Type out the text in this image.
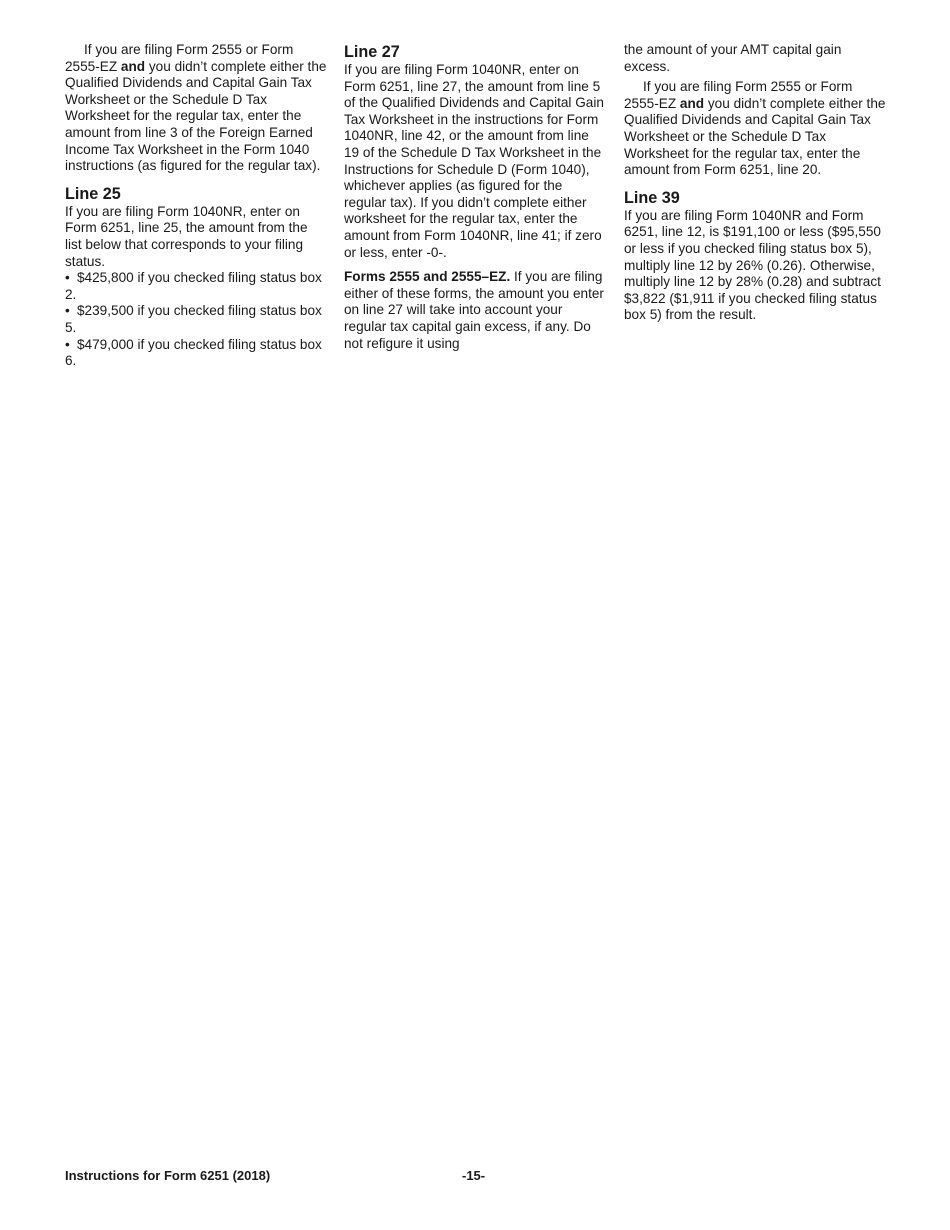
If you are filing Form 2555 or Form 2555-EZ and you didn’t complete either the Qualified Dividends and Capital Gain Tax Worksheet or the Schedule D Tax Worksheet for the regular tax, enter the amount from line 3 of the Foreign Earned Income Tax Worksheet in the Form 1040 instructions (as figured for the regular tax).

Line 25

If you are filing Form 1040NR, enter on Form 6251, line 25, the amount from the list below that corresponds to your filing status.

• $425,800 if you checked filing status box 2.

• $239,500 if you checked filing status box 5.

• $479,000 if you checked filing status box 6.

Line 27

If you are filing Form 1040NR, enter on Form 6251, line 27, the amount from line 5 of the Qualified Dividends and Capital Gain Tax Worksheet in the instructions for Form 1040NR, line 42, or the amount from line 19 of the Schedule D Tax Worksheet in the Instructions for Schedule D (Form 1040), whichever applies (as figured for the regular tax). If you didn’t complete either worksheet for the regular tax, enter the amount from Form 1040NR, line 41; if zero or less, enter -0-.

Forms 2555 and 2555–EZ. If you are filing either of these forms, the amount you enter on line 27 will take into account your regular tax capital gain excess, if any. Do not refigure it using

the amount of your AMT capital gain excess.

If you are filing Form 2555 or Form 2555-EZ and you didn’t complete either the Qualified Dividends and Capital Gain Tax Worksheet or the Schedule D Tax Worksheet for the regular tax, enter the amount from Form 6251, line 20.

Line 39

If you are filing Form 1040NR and Form 6251, line 12, is $191,100 or less ($95,550 or less if you checked filing status box 5), multiply line 12 by 26% (0.26). Otherwise, multiply line 12 by 28% (0.28) and subtract $3,822 ($1,911 if you checked filing status box 5) from the result.

Instructions for Form 6251 (2018)	-15-
